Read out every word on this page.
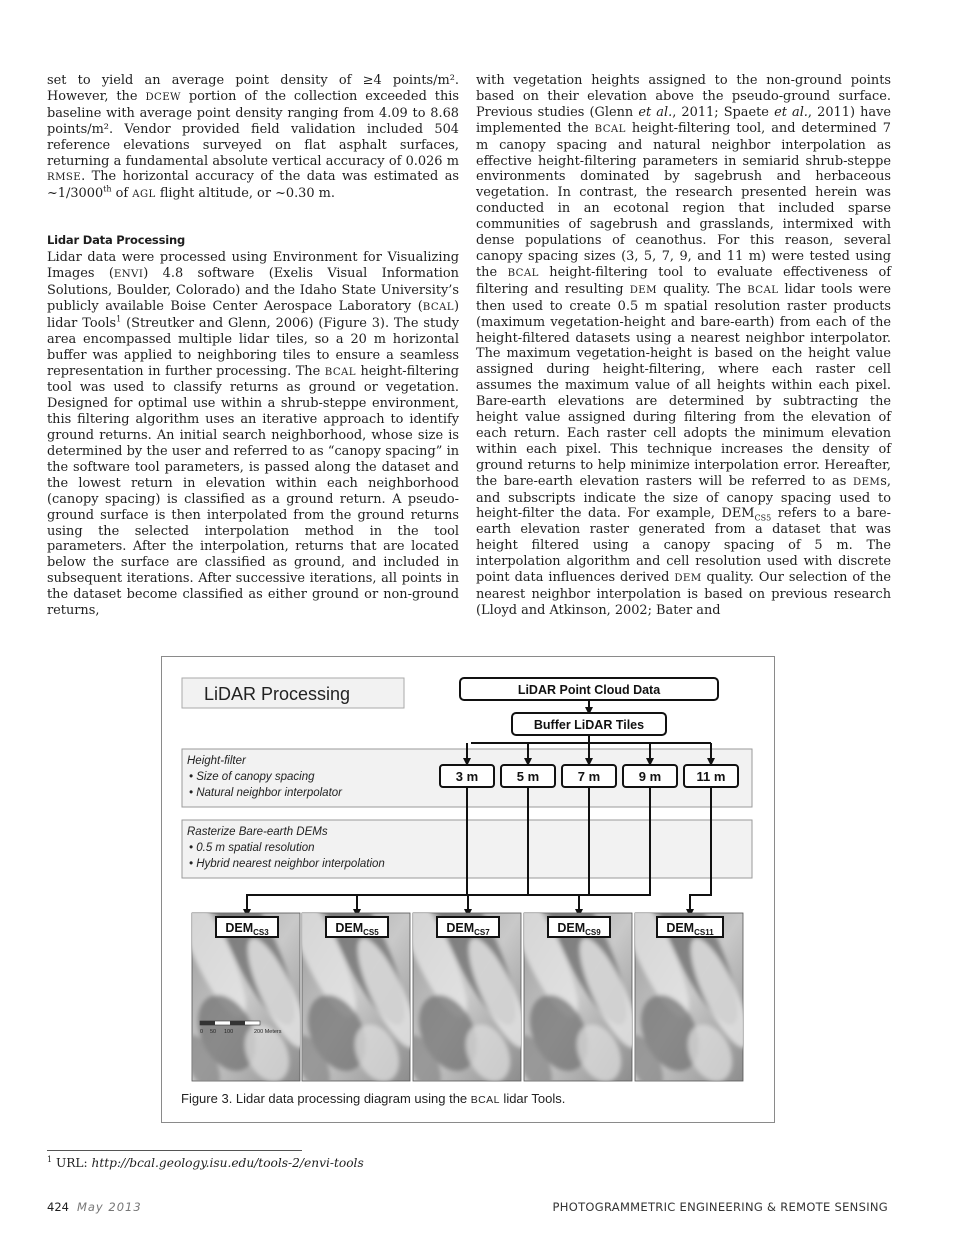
set to yield an average point density of ≥4 points/m². However, the DCEW portion of the collection exceeded this baseline with average point density ranging from 4.09 to 8.68 points/m². Vendor provided field validation included 504 reference elevations surveyed on flat asphalt surfaces, returning a fundamental absolute vertical accuracy of 0.026 m RMSE. The horizontal accuracy of the data was estimated as ~1/3000th of AGL flight altitude, or ~0.30 m.

Lidar Data Processing

Lidar data were processed using Environment for Visualizing Images (ENVI) 4.8 software (Exelis Visual Information Solutions, Boulder, Colorado) and the Idaho State University’s publicly available Boise Center Aerospace Laboratory (BCAL) lidar Tools$^1$ (Streutker and Glenn, 2006) (Figure 3). The study area encompassed multiple lidar tiles, so a 20 m horizontal buffer was applied to neighboring tiles to ensure a seamless representation in further processing. The BCAL height-filtering tool was used to classify returns as ground or vegetation. Designed for optimal use within a shrub-steppe environment, this filtering algorithm uses an iterative approach to identify ground returns. An initial search neighborhood, whose size is determined by the user and referred to as “canopy spacing” in the software tool parameters, is passed along the dataset and the lowest return in elevation within each neighborhood (canopy spacing) is classified as a ground return. A pseudo-ground surface is then interpolated from the ground returns using the selected interpolation method in the tool parameters. After the interpolation, returns that are located below the surface are classified as ground, and included in subsequent iterations. After successive iterations, all points in the dataset become classified as either ground or non-ground returns,

with vegetation heights assigned to the non-ground points based on their elevation above the pseudo-ground surface. Previous studies (Glenn et al., 2011; Spaete et al., 2011) have implemented the BCAL height-filtering tool, and determined 7 m canopy spacing and natural neighbor interpolation as effective height-filtering parameters in semiarid shrub-steppe environments dominated by sagebrush and herbaceous vegetation. In contrast, the research presented herein was conducted in an ecotonal region that included sparse communities of sagebrush and grasslands, intermixed with dense populations of ceanothus. For this reason, several canopy spacing sizes (3, 5, 7, 9, and 11 m) were tested using the BCAL height-filtering tool to evaluate effectiveness of filtering and resulting DEM quality. The BCAL lidar tools were then used to create 0.5 m spatial resolution raster products (maximum vegetation-height and bare-earth) from each of the height-filtered datasets using a nearest neighbor interpolator. The maximum vegetation-height is based on the height value assigned during height-filtering, where each raster cell assumes the maximum value of all heights within each pixel. Bare-earth elevations are determined by subtracting the height value assigned during filtering from the elevation of each return. Each raster cell adopts the minimum elevation within each pixel. This technique increases the density of ground returns to help minimize interpolation error. Hereafter, the bare-earth elevation rasters will be referred to as DEMs, and subscripts indicate the size of canopy spacing used to height-filter the data. For example, $DEM_{CS5}$ refers to a bare-earth elevation raster generated from a dataset that was height filtered using a canopy spacing of 5 m. The interpolation algorithm and cell resolution used with discrete point data influences derived DEM quality. Our selection of the nearest neighbor interpolation is based on previous research (Lloyd and Atkinson, 2002; Bater and

LiDAR Processing	LiDAR Point Cloud Data
Buffer LiDAR Tiles
Height-filter
• Size of canopy spacing
• Natural neighbor interpolator
Rasterize Bare-earth DEMs
• 0.5 m spatial resolution
• Hybrid nearest neighbor interpolation
3 m	5 m	7 m	9 m	11 m
$DEM_{CS3}$	$DEM_{CS5}$	$DEM_{CS7}$	$DEM_{CS9}$	$DEM_{CS11}$
0 50 100	200 Meters
Figure 3. Lidar data processing diagram using the BCAL lidar Tools.
$^1$ URL: http://bcal.geology.isu.edu/tools-2/envi-tools
424 May 2013	PHOTOGRAMMETRIC ENGINEERING & REMOTE SENSING
